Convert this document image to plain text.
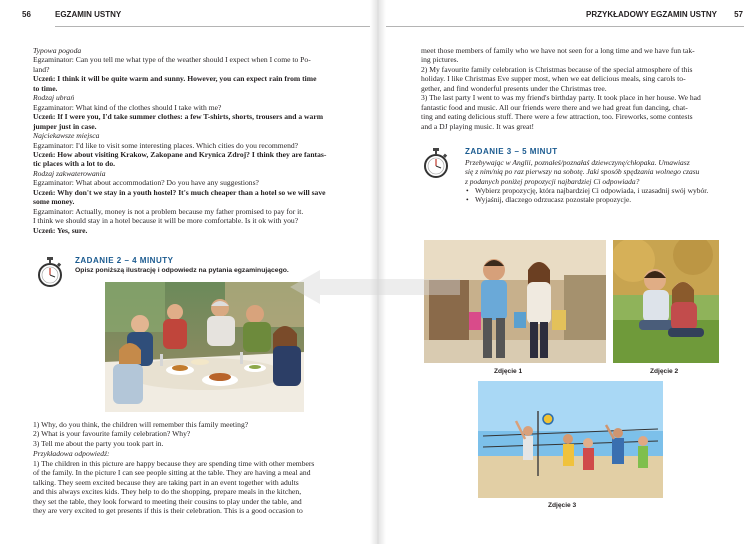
56	EGZAMIN USTNY

Typowa pogoda

Egzaminator: Can you tell me what type of the weather should I expect when I come to Po-

land?

Uczeń: I think it will be quite warm and sunny. However, you can expect rain from time

to time.

Rodzaj ubrań

Egzaminator: What kind of the clothes should I take with me?

Uczeń: If I were you, I'd take summer clothes: a few T-shirts, shorts, trousers and a warm

jumper just in case.

Najciekawsze miejsca

Egzaminator: I'd like to visit some interesting places. Which cities do you recommend?

Uczeń: How about visiting Krakow, Zakopane and Krynica Zdroj? I think they are fantas-

tic places with a lot to do.

Rodzaj zakwaterowania

Egzaminator: What about accommodation? Do you have any suggestions?

Uczeń: Why don't we stay in a youth hostel? It's much cheaper than a hotel so we will save

some money.

Egzaminator: Actually, money is not a problem because my father promised to pay for it.

I think we should stay in a hotel because it will be more comfortable. Is it ok with you?

Uczeń: Yes, sure.

ZADANIE 2 – 4 MINUTY
Opisz poniższą ilustrację i odpowiedz na pytania egzaminującego.

1) Why, do you think, the children will remember this family meeting?

2) What is your favourite family celebration? Why?

3) Tell me about the party you took part in.

Przykładowa odpowiedź:

1) The children in this picture are happy because they are spending time with other members

of the family. In the picture I can see people sitting at the table. They are having a meal and

talking. They seem excited because they are taking part in an event together with adults

and this always excites kids. They help to do the shopping, prepare meals in the kitchen,

they set the table, they look forward to meeting their cousins to play under the table, and

they are very excited to get presents if this is their celebration. This is a good occasion to

PRZYKŁADOWY EGZAMIN USTNY 57

meet those members of family who we have not seen for a long time and we have fun tak-

ing pictures.

2) My favourite family celebration is Christmas because of the special atmosphere of this

holiday. I like Christmas Eve supper most, when we eat delicious meals, sing carols to-

gether, and find wonderful presents under the Christmas tree.

3) The last party I went to was my friend's birthday party. It took place in her house. We had

fantastic food and music. All our friends were there and we had great fun dancing, chat-

ting and eating delicious stuff. There were a few attraction, too. Fireworks, some contests

and a DJ playing music. It was great!

ZADANIE 3 – 5 MINUT

Przebywając w Anglii, poznałeś/poznałaś dziewczynę/chłopaka. Umawiasz

się z nim/nią po raz pierwszy na sobotę. Jaki sposób spędzania wolnego czasu

z podanych poniżej propozycji najbardziej Ci odpowiada?

• Wybierz propozycję, która najbardziej Ci odpowiada, i uzasadnij swój wybór.
• Wyjaśnij, dlaczego odrzucasz pozostałe propozycje.
Zdjęcie 1	Zdjęcie 2
Zdjęcie 3
